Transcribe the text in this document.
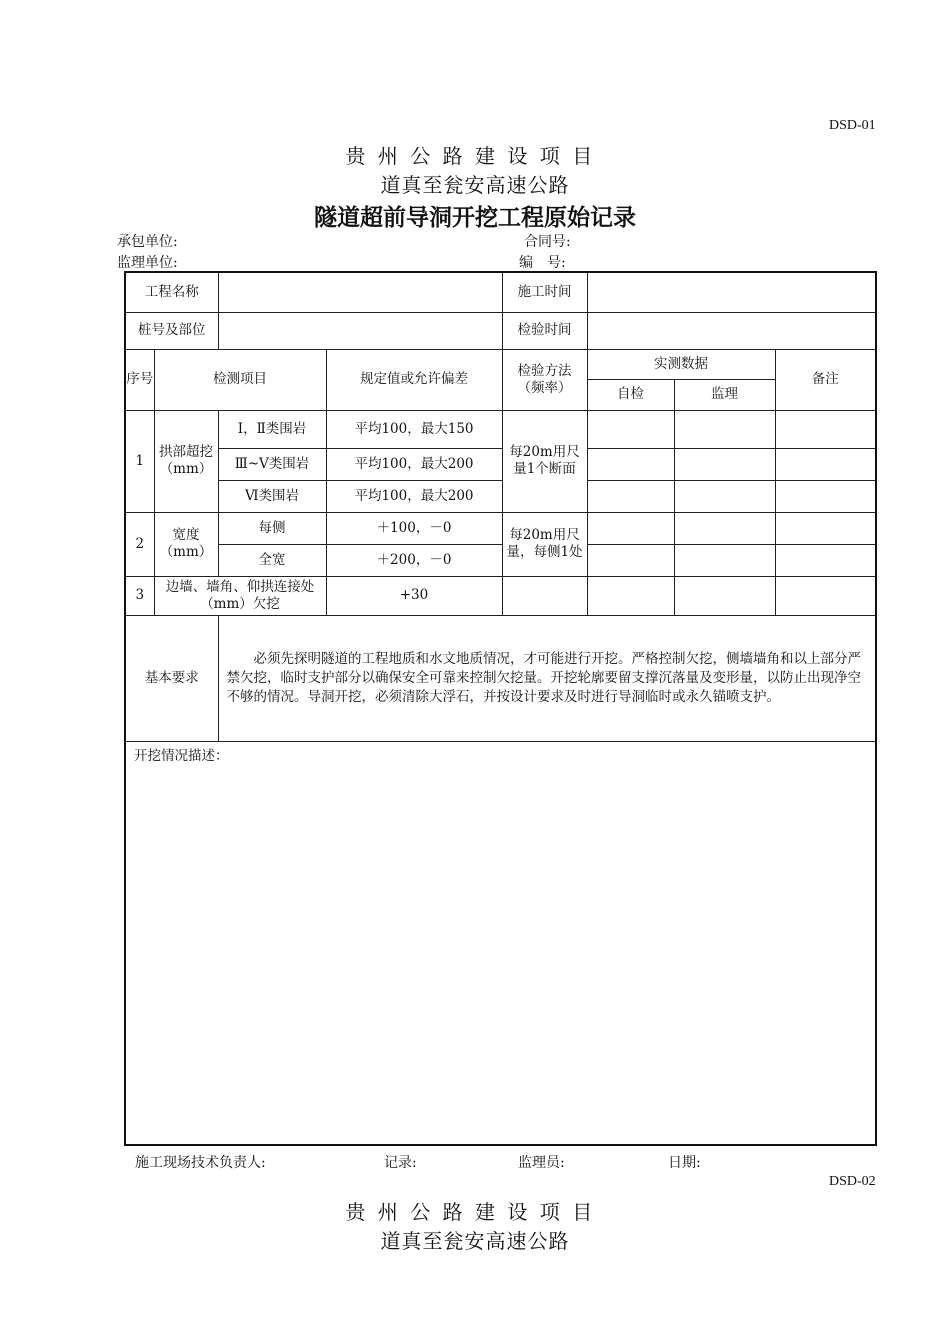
DSD-01
贵州公路建设项目
道真至瓮安高速公路
隧道超前导洞开挖工程原始记录
承包单位:
监理单位:
合同号:
编　号:
工程名称				施工时间			
桩号及部位				检验时间			
序号	检测项目		规定值或允许偏差	检验方法（频率）	实测数据		备注
					自检	监理	
1	拱部超挖（mm）	Ⅰ，Ⅱ类围岩	平均100，最大150	每20m用尺量1个断面			
		Ⅲ~Ⅴ类围岩	平均100，最大200				
		Ⅵ类围岩	平均100，最大200				
2	宽度（mm）	每侧	＋100，－0	每20m用尺量，每侧1处			
		全宽	＋200，－0				
3	边墙、墙角、仰拱连接处（mm）欠挖		+30				
基本要求		必须先探明隧道的工程地质和水文地质情况，才可能进行开挖。严格控制欠挖，侧墙墙角和以上部分严禁欠挖，临时支护部分以确保安全可靠来控制欠挖量。开挖轮廓要留支撑沉落量及变形量，以防止出现净空不够的情况。导洞开挖，必须清除大浮石，并按设计要求及时进行导洞临时或永久锚喷支护。					

开挖情况描述：							
施工现场技术负责人:	记录:	监理员:	日期:
DSD-02
贵州公路建设项目
道真至瓮安高速公路
